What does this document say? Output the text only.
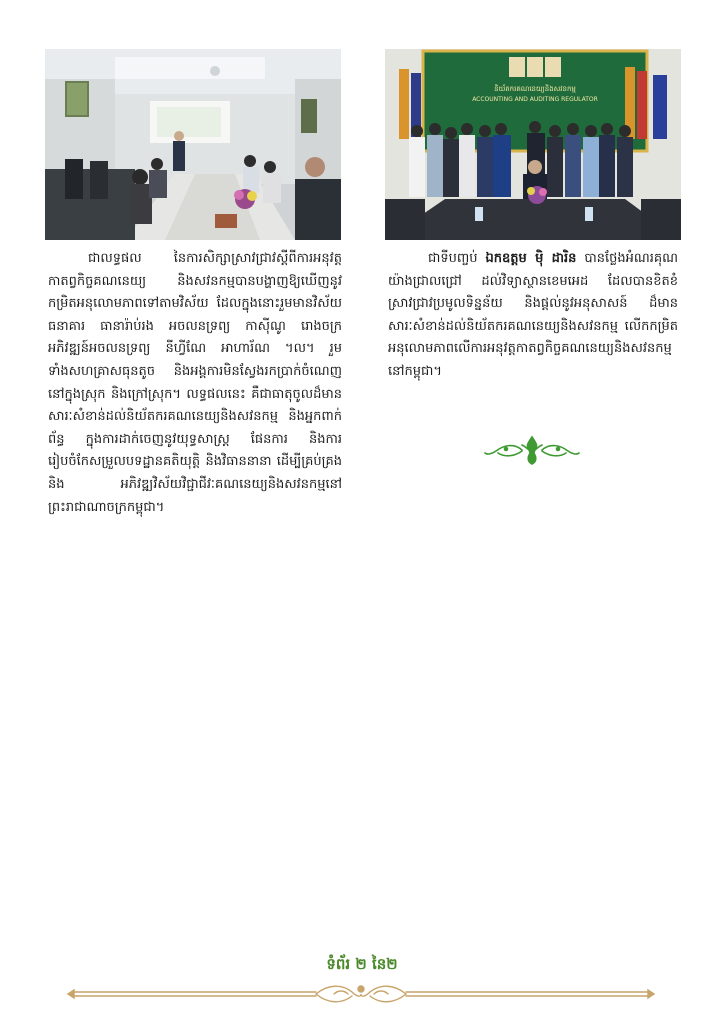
និយ័តករគណនេយ្យនិងសវនកម្ម
ACCOUNTING AND AUDITING REGULATOR

ជាលទ្ធផល នៃការសិក្សាស្រាវជ្រាវស្ដីពីការអនុវត្តកាតព្វកិច្ចគណនេយ្យ និងសវនកម្មបានបង្ហាញឱ្យឃើញនូវកម្រិតអនុលោមភាពទៅតាមវិស័យ ដែលក្នុងនោះរួមមានវិស័យធនាគារ ធានារ៉ាប់រង អចលនទ្រព្យ កាស៊ីណូ រោងចក្រ អភិវឌ្ឍន៍អចលនទ្រព្យ នីហ្វីណែ អាហារ័ណ ។ល។ រួមទាំងសហគ្រាសធុនតូច និងអង្គការមិនស្វែងរកប្រាក់ចំណេញ នៅក្នុងស្រុក និងក្រៅស្រុក។ លទ្ធផលនេះ គឺជាធាតុចូលដ៏មានសារៈសំខាន់ដល់និយ័តករគណនេយ្យនិងសវនកម្ម និងអ្នកពាក់ព័ន្ធ ក្នុងការដាក់ចេញនូវយុទ្ធសាស្ត្រ ផែនការ និងការរៀបចំកែសម្រួលបទដ្ឋានគតិយុត្តិ និងវិធាននានា ដើម្បីគ្រប់គ្រង និង អភិវឌ្ឍវិស័យវិជ្ជាជីវៈគណនេយ្យនិងសវនកម្មនៅព្រះរាជាណាចក្រកម្ពុជា។

ជាទីបញ្ចប់ ឯកឧត្តម ម៉ិ ដារិន បានថ្លែងអំណរគុណយ៉ាងជ្រាលជ្រៅ ដល់វិទ្យាស្ថានខេមអេដ ដែលបានខិតខំស្រាវជ្រាវប្រមូលទិន្នន័យ និងផ្ដល់នូវអនុសាសន៍ ដ៏មានសារៈសំខាន់ដល់និយ័តករគណនេយ្យនិងសវនកម្ម លើកកម្រិតអនុលោមភាពលើការអនុវត្តកាតព្វកិច្ចគណនេយ្យនិងសវនកម្មនៅកម្ពុជា។

ទំព័រ ២ នៃ២
